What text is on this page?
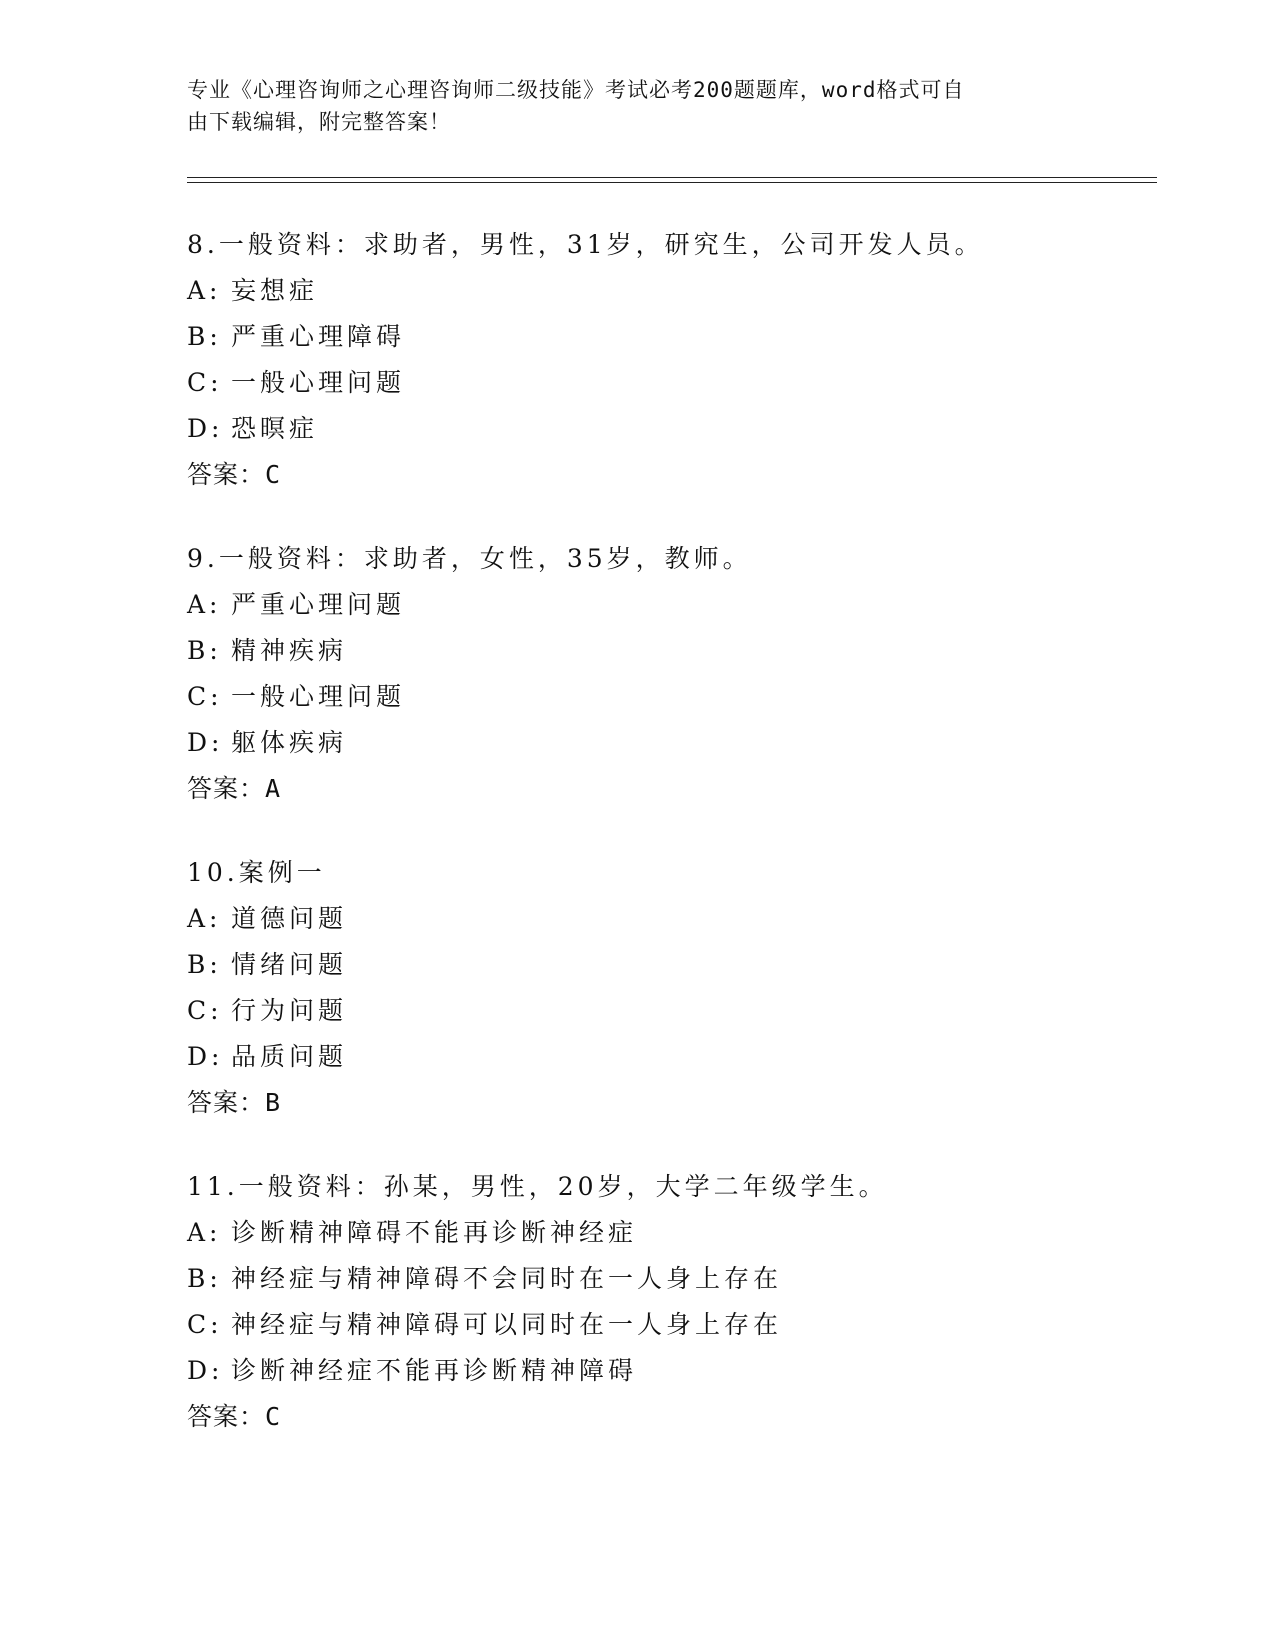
专业《心理咨询师之心理咨询师二级技能》考试必考200题题库，word格式可自
由下载编辑，附完整答案！
8.一般资料：求助者，男性，31岁，研究生，公司开发人员。
A: 妄想症
B: 严重心理障碍
C: 一般心理问题
D: 恐暝症
答案：C
9.一般资料：求助者，女性，35岁，教师。
A: 严重心理问题
B: 精神疾病
C: 一般心理问题
D: 躯体疾病
答案：A
10.案例一
A: 道德问题
B: 情绪问题
C: 行为问题
D: 品质问题
答案：B
11.一般资料：孙某，男性，20岁，大学二年级学生。
A: 诊断精神障碍不能再诊断神经症
B: 神经症与精神障碍不会同时在一人身上存在
C: 神经症与精神障碍可以同时在一人身上存在
D: 诊断神经症不能再诊断精神障碍
答案：C
